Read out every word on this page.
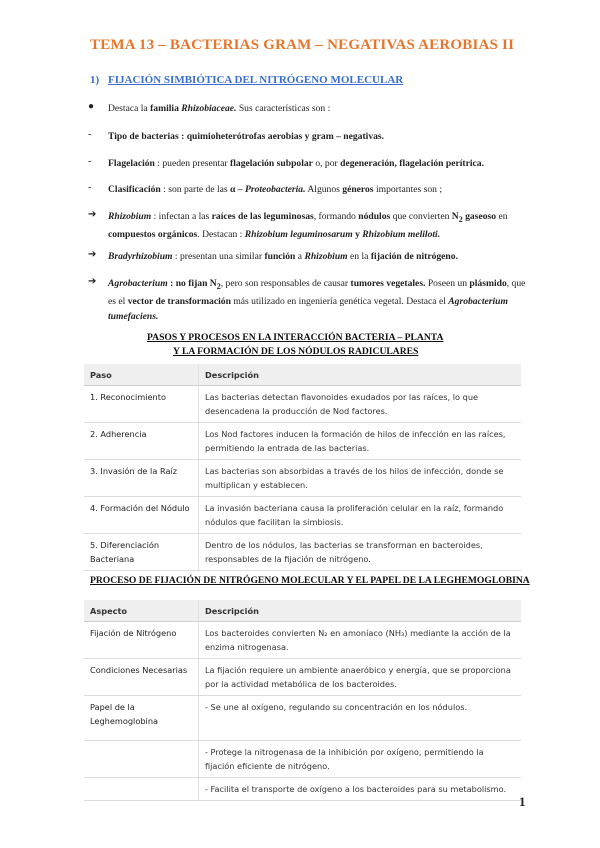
TEMA 13 – BACTERIAS GRAM – NEGATIVAS AEROBIAS II
1) FIJACIÓN SIMBIÓTICA DEL NITRÓGENO MOLECULAR
● Destaca la familia Rhizobiaceae. Sus características son :
- Tipo de bacterias : quimioheterótrofas aerobias y gram – negativas.
- Flagelación : pueden presentar flagelación subpolar o, por degeneración, flagelación perítrica.
- Clasificación : son parte de las α – Proteobacteria. Algunos géneros importantes son ;
➔ Rhizobium : infectan a las raíces de las leguminosas, formando nódulos que convierten $N_2$ gaseoso en compuestos orgánicos. Destacan : Rhizobium leguminosarum y Rhizobium meliloti.
➔ Bradyrhizobium : presentan una similar función a Rhizobium en la fijación de nitrógeno.
➔ Agrobacterium : no fijan $N_2$, pero son responsables de causar tumores vegetales. Poseen un plásmido, que es el vector de transformación más utilizado en ingeniería genética vegetal. Destaca el Agrobacterium tumefaciens.
PASOS Y PROCESOS EN LA INTERACCIÓN BACTERIA – PLANTA
Y LA FORMACIÓN DE LOS NÓDULOS RADICULARES
Paso	Descripción
1. Reconocimiento	Las bacterias detectan flavonoides exudados por las raíces, lo que desencadena la producción de Nod factores.
2. Adherencia	Los Nod factores inducen la formación de hilos de infección en las raíces, permitiendo la entrada de las bacterias.
3. Invasión de la Raíz	Las bacterias son absorbidas a través de los hilos de infección, donde se multiplican y establecen.
4. Formación del Nódulo	La invasión bacteriana causa la proliferación celular en la raíz, formando nódulos que facilitan la simbiosis.
5. Diferenciación Bacteriana	Dentro de los nódulos, las bacterias se transforman en bacteroides, responsables de la fijación de nitrógeno.
PROCESO DE FIJACIÓN DE NITRÓGENO MOLECULAR Y EL PAPEL DE LA LEGHEMOGLOBINA
Aspecto	Descripción
Fijación de Nitrógeno	Los bacteroides convierten N₂ en amoníaco (NH₃) mediante la acción de la enzima nitrogenasa.
Condiciones Necesarias	La fijación requiere un ambiente anaeróbico y energía, que se proporciona por la actividad metabólica de los bacteroides.
Papel de la Leghemoglobina	- Se une al oxígeno, regulando su concentración en los nódulos.
	- Protege la nitrogenasa de la inhibición por oxígeno, permitiendo la fijación eficiente de nitrógeno.
	- Facilita el transporte de oxígeno a los bacteroides para su metabolismo.
1
